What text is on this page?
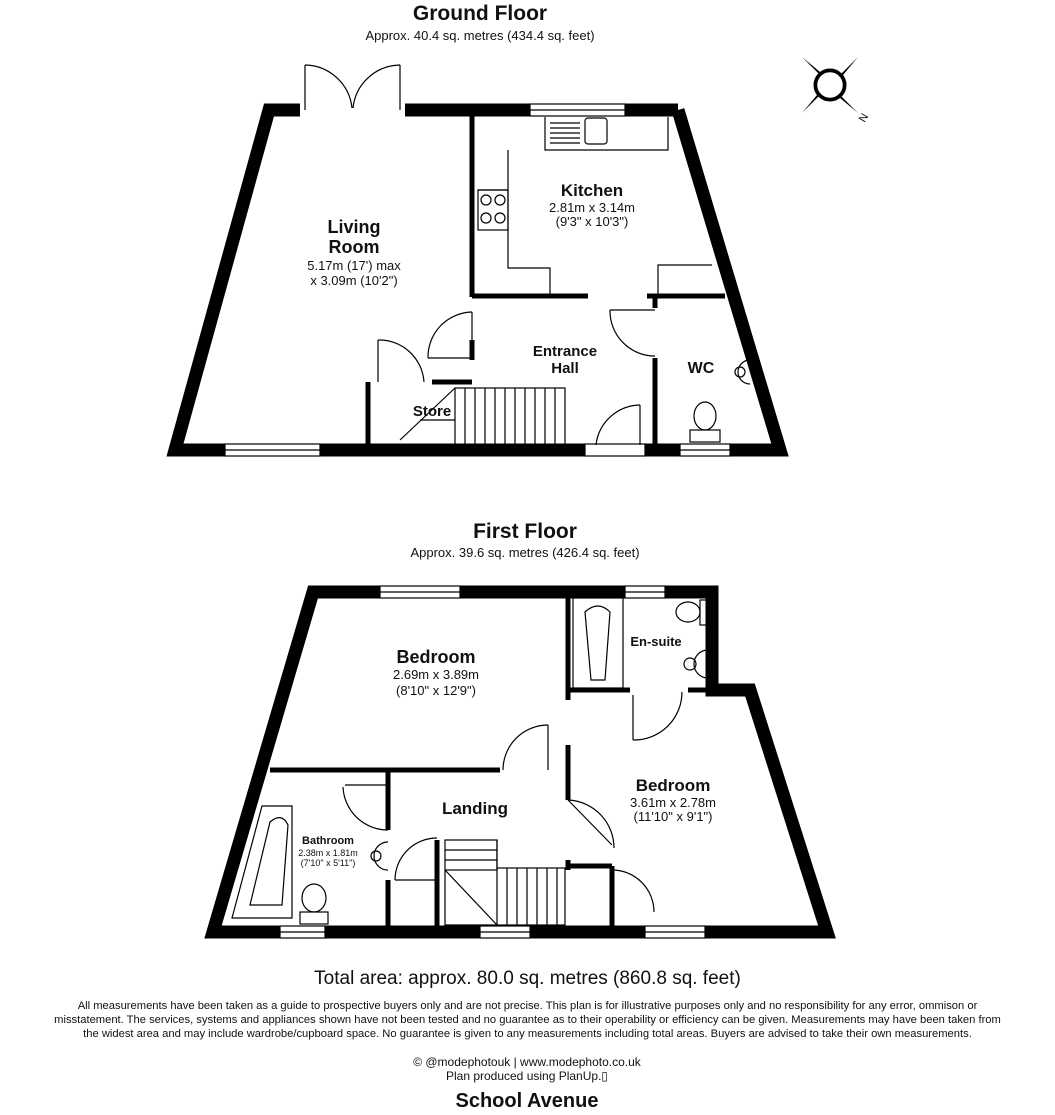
Ground Floor
Approx. 40.4 sq. metres (434.4 sq. feet)
N
Living
Room
5.17m (17') max
x 3.09m (10'2")
Kitchen
2.81m x 3.14m
(9'3" x 10'3")
Entrance
Hall	WC
Store
First Floor
Approx. 39.6 sq. metres (426.4 sq. feet)
Bedroom
2.69m x 3.89m
(8'10" x 12'9")
En-suite
Bedroom
3.61m x 2.78m
(11'10" x 9'1")
Landing
Bathroom
2.38m x 1.81m
(7'10" x 5'11")
Total area: approx. 80.0 sq. metres (860.8 sq. feet)
All measurements have been taken as a guide to prospective buyers only and are not precise. This plan is for illustrative purposes only and no responsibility for any error, ommison or
misstatement. The services, systems and appliances shown have not been tested and no guarantee as to their operability or efficiency can be given. Measurements may have been taken from
the widest area and may include wardrobe/cupboard space. No guarantee is given to any measurements including total areas. Buyers are advised to take their own measurements.
© @modephotouk | www.modephoto.co.uk
Plan produced using PlanUp.▯
School Avenue
